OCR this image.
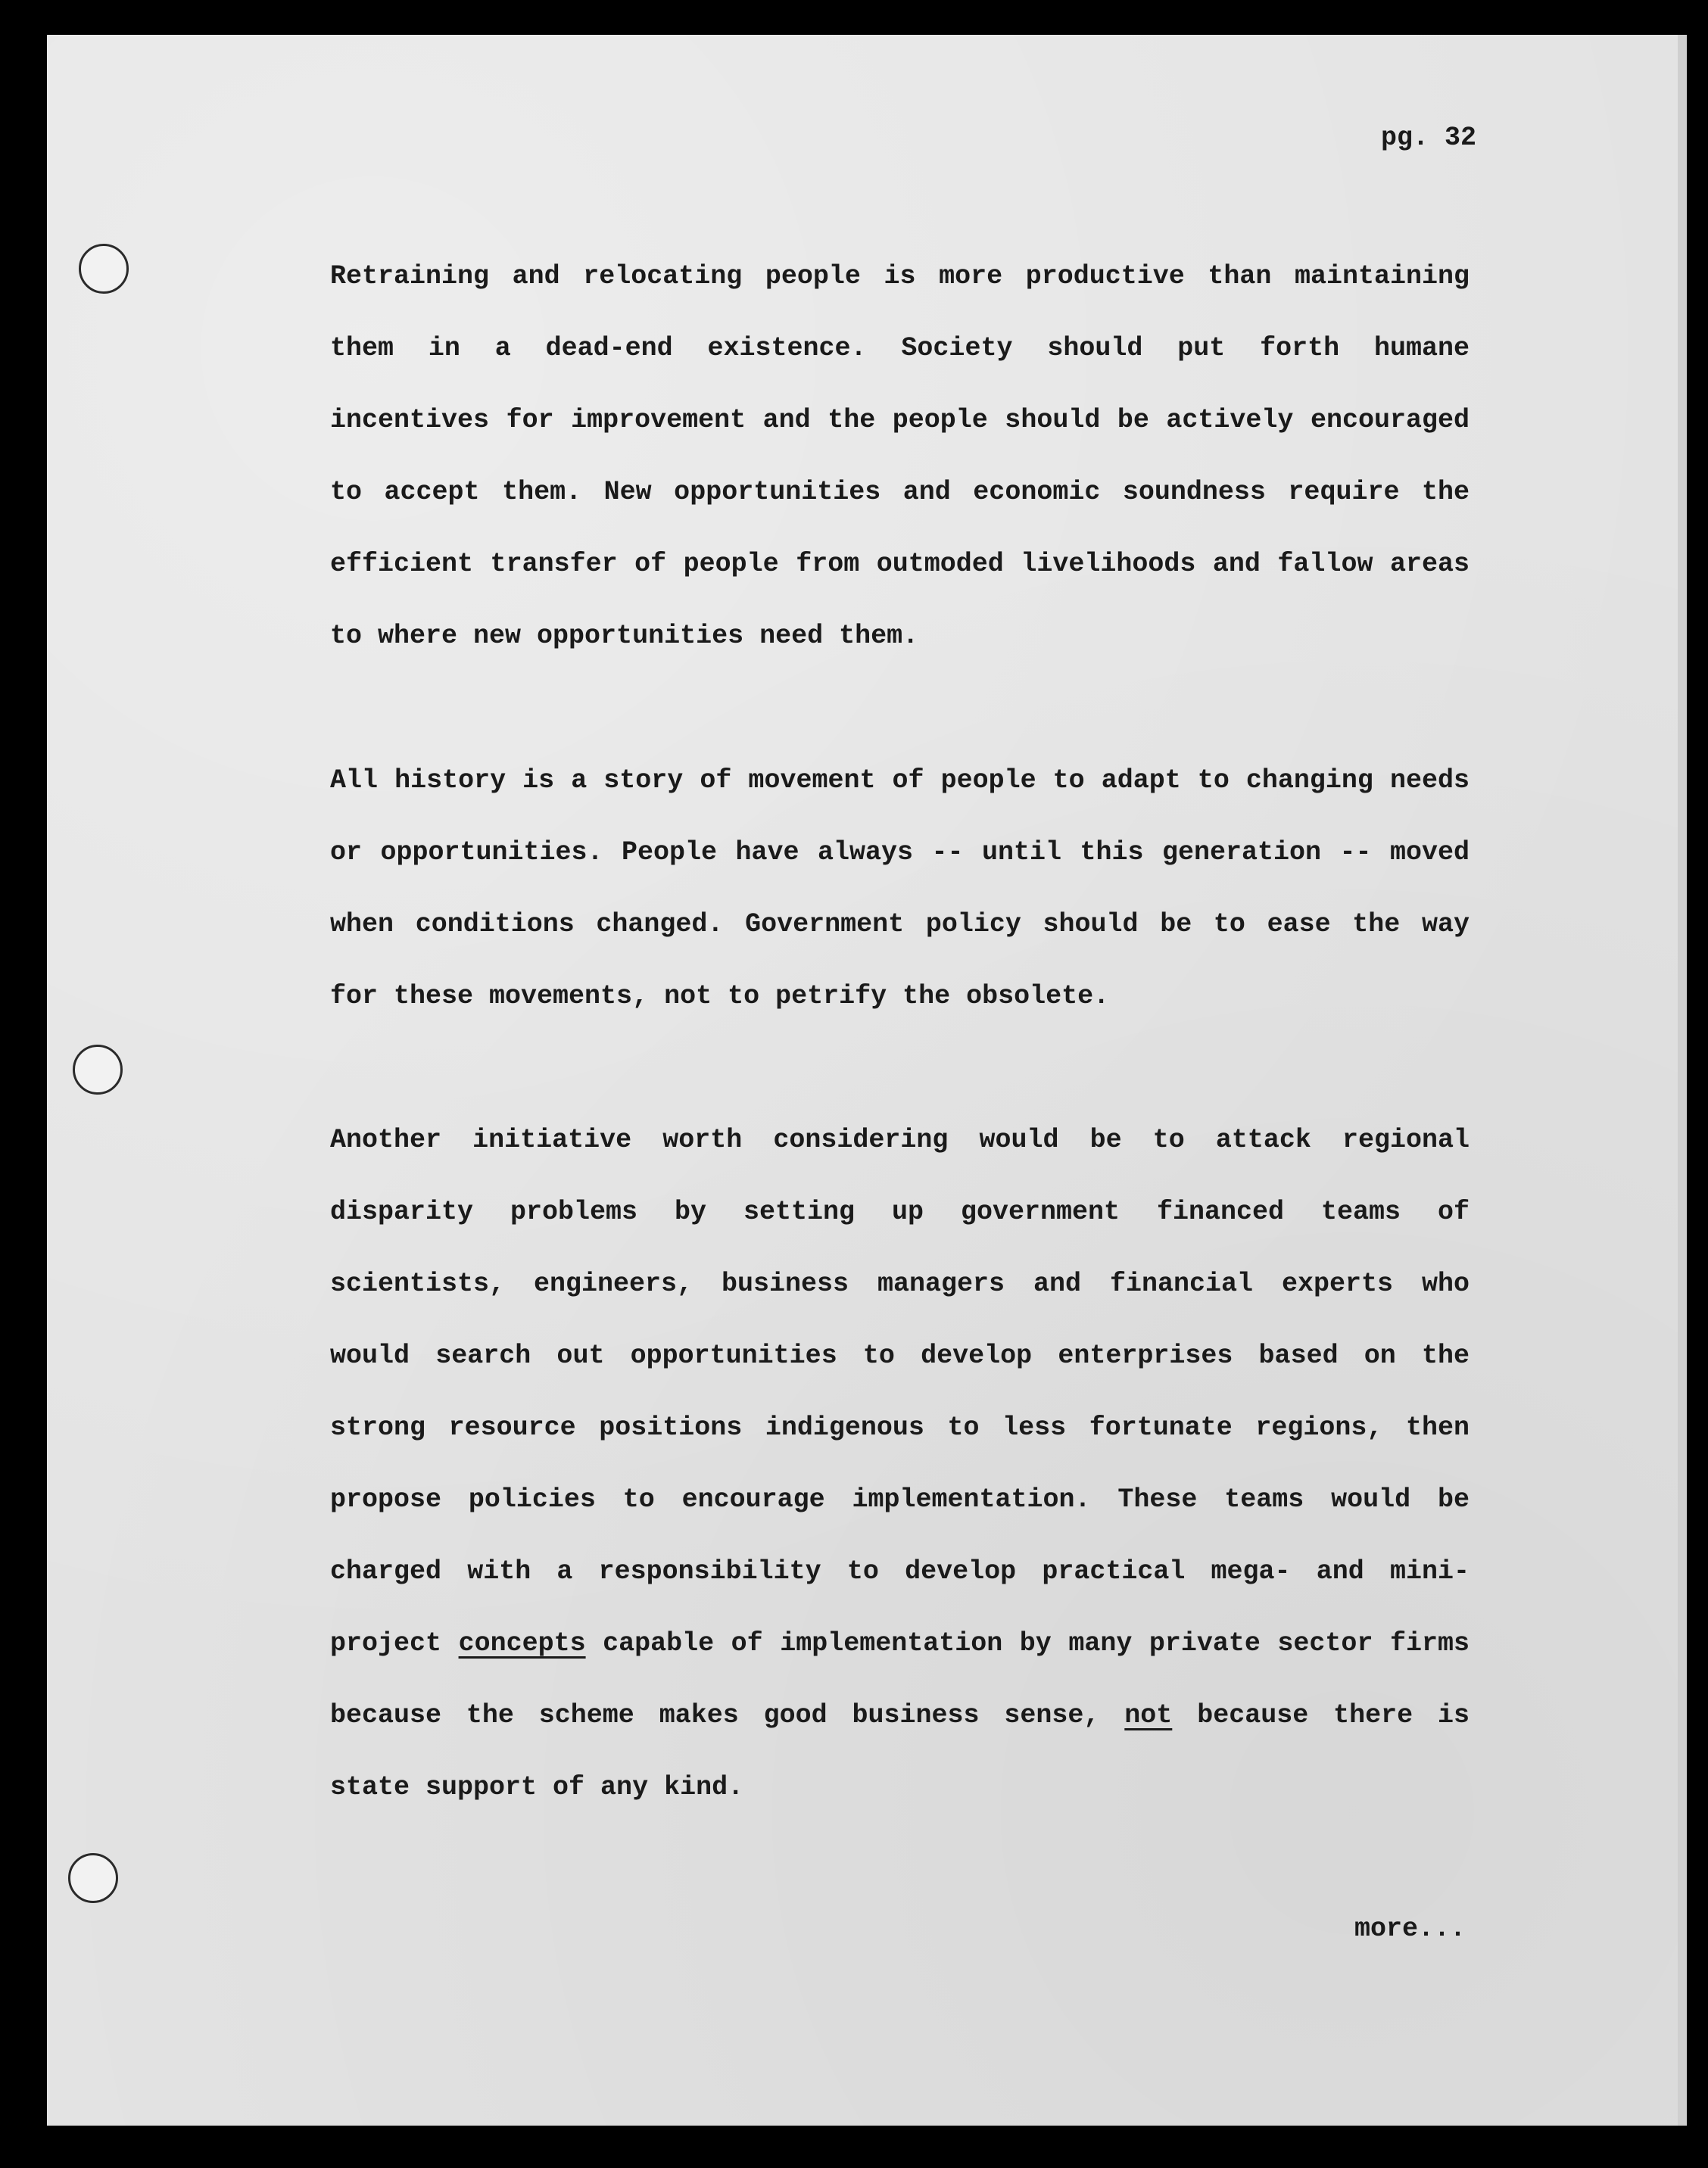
pg. 32

Retraining and relocating people is more productive than maintaining them in a dead-end existence. Society should put forth humane incentives for improvement and the people should be actively encouraged to accept them. New opportunities and economic soundness require the efficient transfer of people from outmoded livelihoods and fallow areas to where new opportunities need them.

All history is a story of movement of people to adapt to changing needs or opportunities. People have always -- until this generation -- moved when conditions changed. Government policy should be to ease the way for these movements, not to petrify the obsolete.

Another initiative worth considering would be to attack regional disparity problems by setting up government financed teams of scientists, engineers, business managers and financial experts who would search out opportunities to develop enterprises based on the strong resource positions indigenous to less fortunate regions, then propose policies to encourage implementation. These teams would be charged with a responsibility to develop practical mega- and mini-project concepts capable of implementation by many private sector firms because the scheme makes good business sense, not because there is state support of any kind.

more...
